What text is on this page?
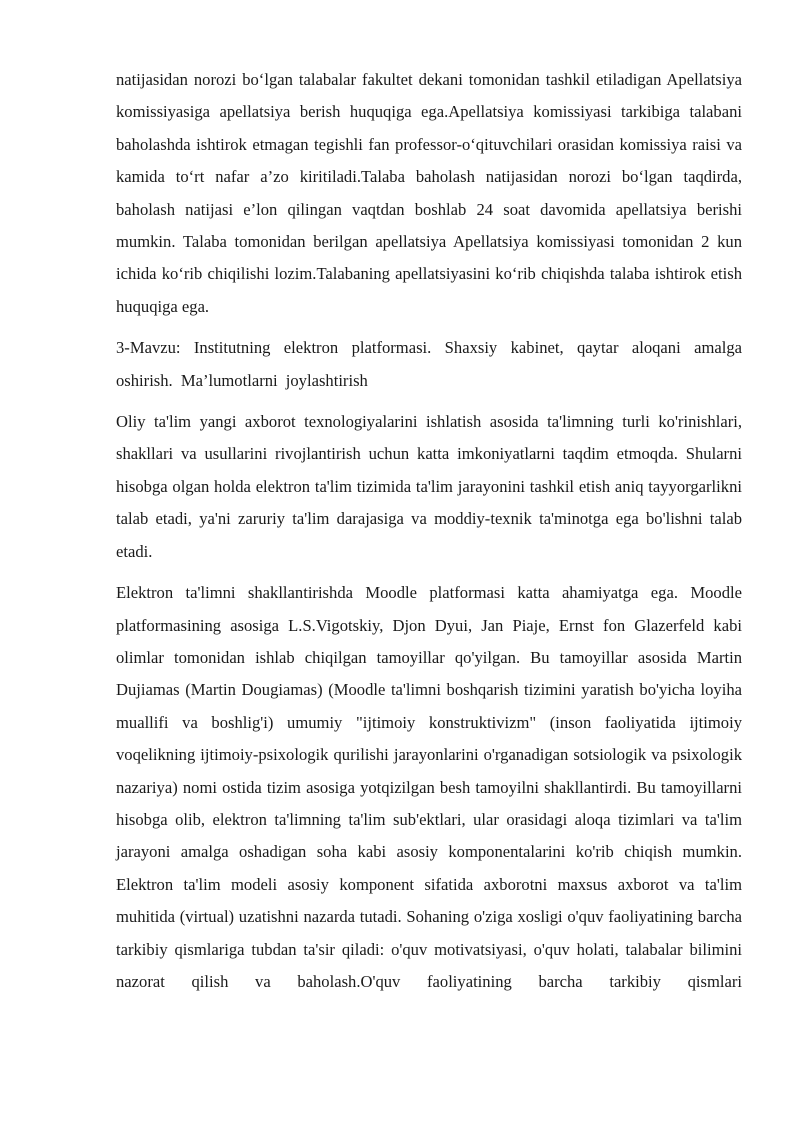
natijasidan norozi bo‘lgan talabalar fakultet dekani tomonidan tashkil etiladigan Apellatsiya komissiyasiga apellatsiya berish huquqiga ega.Apellatsiya komissiyasi tarkibiga talabani baholashda ishtirok etmagan tegishli fan professor-o‘qituvchilari orasidan komissiya raisi va kamida to‘rt nafar a’zo kiritiladi.Talaba baholash natijasidan norozi bo‘lgan taqdirda, baholash natijasi e’lon qilingan vaqtdan boshlab 24 soat davomida apellatsiya berishi mumkin. Talaba tomonidan berilgan apellatsiya Apellatsiya komissiyasi tomonidan 2 kun ichida ko‘rib chiqilishi lozim.Talabaning apellatsiyasini ko‘rib chiqishda talaba ishtirok etish huquqiga ega.

3-Mavzu: Institutning elektron platformasi. Shaxsiy kabinet, qaytar aloqani amalga oshirish. Ma’lumotlarni joylashtirish

Oliy ta'lim yangi axborot texnologiyalarini ishlatish asosida ta'limning turli ko'rinishlari, shakllari va usullarini rivojlantirish uchun katta imkoniyatlarni taqdim etmoqda. Shularni hisobga olgan holda elektron ta'lim tizimida ta'lim jarayonini tashkil etish aniq tayyorgarlikni talab etadi, ya'ni zaruriy ta'lim darajasiga va moddiy-texnik ta'minotga ega bo'lishni talab etadi.

Elektron ta'limni shakllantirishda Moodle platformasi katta ahamiyatga ega. Moodle platformasining asosiga L.S.Vigotskiy, Djon Dyui, Jan Piaje, Ernst fon Glazerfeld kabi olimlar tomonidan ishlab chiqilgan tamoyillar qo'yilgan. Bu tamoyillar asosida Martin Dujiamas (Martin Dougiamas) (Moodle ta'limni boshqarish tizimini yaratish bo'yicha loyiha muallifi va boshlig'i) umumiy "ijtimoiy konstruktivizm" (inson faoliyatida ijtimoiy voqelikning ijtimoiy-psixologik qurilishi jarayonlarini o'rganadigan sotsiologik va psixologik nazariya) nomi ostida tizim asosiga yotqizilgan besh tamoyilni shakllantirdi. Bu tamoyillarni hisobga olib, elektron ta'limning ta'lim sub'ektlari, ular orasidagi aloqa tizimlari va ta'lim jarayoni amalga oshadigan soha kabi asosiy komponentalarini ko'rib chiqish mumkin. Elektron ta'lim modeli asosiy komponent sifatida axborotni maxsus axborot va ta'lim muhitida (virtual) uzatishni nazarda tutadi. Sohaning o'ziga xosligi o'quv faoliyatining barcha tarkibiy qismlariga tubdan ta'sir qiladi: o'quv motivatsiyasi, o'quv holati, talabalar bilimini nazorat qilish va baholash.O'quv faoliyatining barcha tarkibiy qismlari
